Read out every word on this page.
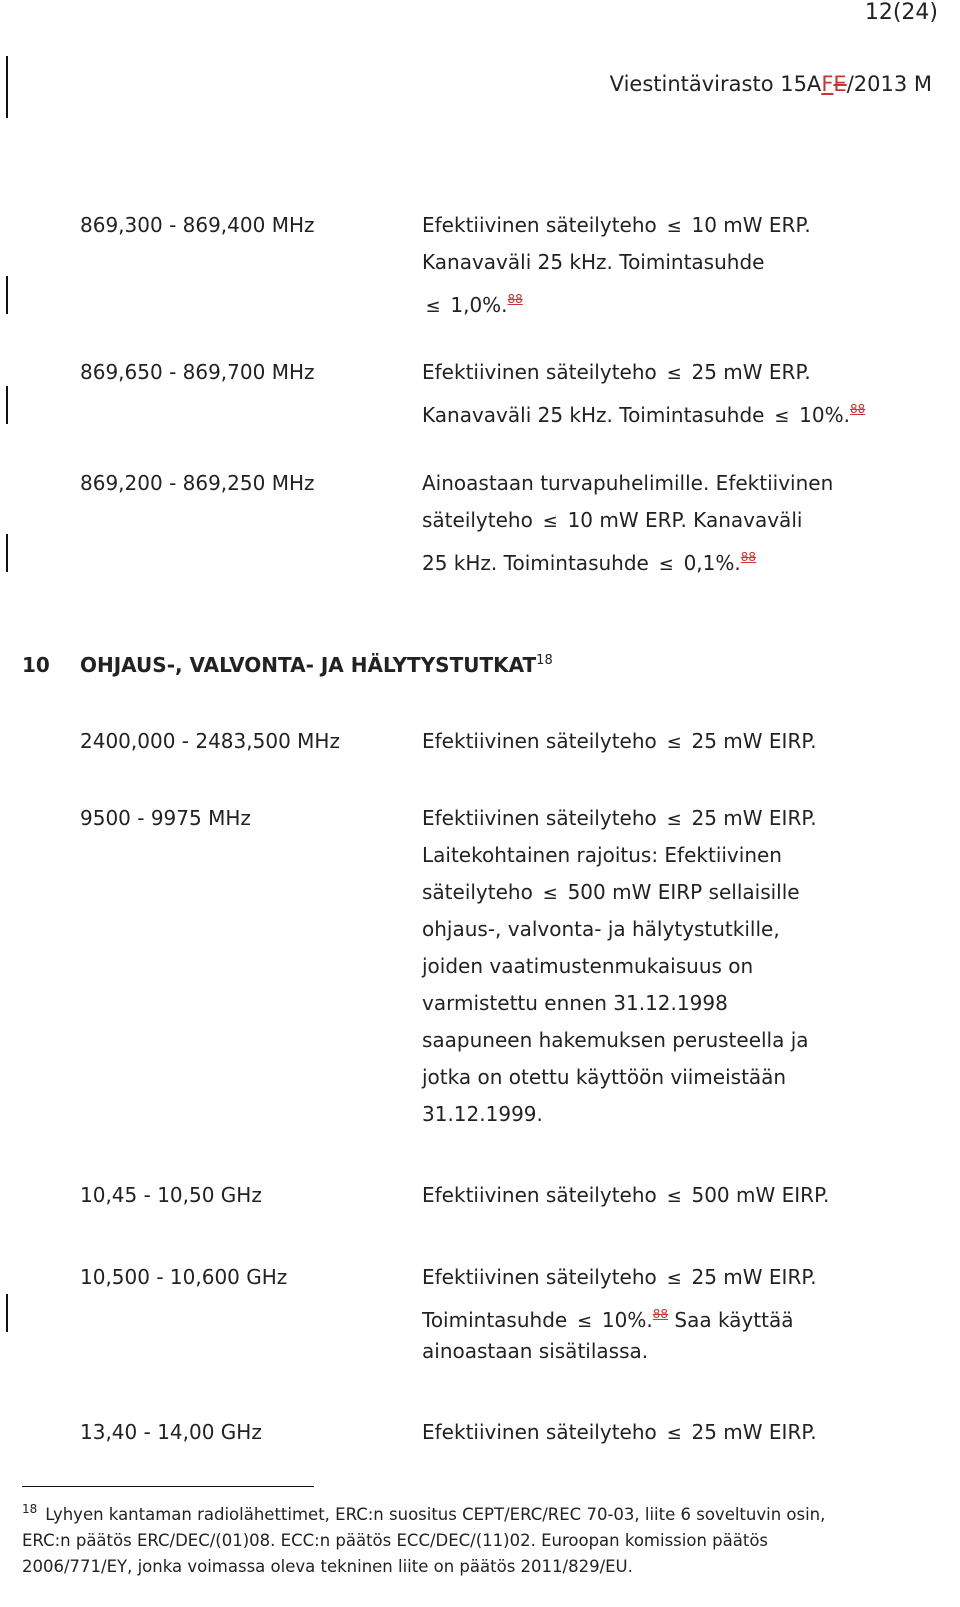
12(24)
Viestintävirasto 15AFE/2013 M
869,300 - 869,400 MHz	Efektiivinen säteilyteho ≤ 10 mW ERP.
Kanavaväli 25 kHz. Toimintasuhde
≤ 1,0%.$^{88}$
869,650 - 869,700 MHz	Efektiivinen säteilyteho ≤ 25 mW ERP.
Kanavaväli 25 kHz. Toimintasuhde ≤ 10%.$^{88}$
869,200 - 869,250 MHz	Ainoastaan turvapuhelimille. Efektiivinen
säteilyteho ≤ 10 mW ERP. Kanavaväli
25 kHz. Toimintasuhde ≤ 0,1%.$^{88}$
10 OHJAUS-, VALVONTA- JA HÄLYTYSTUTKAT$^{18}$
2400,000 - 2483,500 MHz	Efektiivinen säteilyteho ≤ 25 mW EIRP.
9500 - 9975 MHz	Efektiivinen säteilyteho ≤ 25 mW EIRP.
Laitekohtainen rajoitus: Efektiivinen
säteilyteho ≤ 500 mW EIRP sellaisille
ohjaus-, valvonta- ja hälytystutkille,
joiden vaatimustenmukaisuus on
varmistettu ennen 31.12.1998
saapuneen hakemuksen perusteella ja
jotka on otettu käyttöön viimeistään
31.12.1999.
10,45 - 10,50 GHz	Efektiivinen säteilyteho ≤ 500 mW EIRP.
10,500 - 10,600 GHz	Efektiivinen säteilyteho ≤ 25 mW EIRP.
Toimintasuhde ≤ 10%.$^{88}$ Saa käyttää
ainoastaan sisätilassa.
13,40 - 14,00 GHz	Efektiivinen säteilyteho ≤ 25 mW EIRP.
$^{18}$ Lyhyen kantaman radiolähettimet, ERC:n suositus CEPT/ERC/REC 70-03, liite 6 soveltuvin osin,
ERC:n päätös ERC/DEC/(01)08. ECC:n päätös ECC/DEC/(11)02. Euroopan komission päätös
2006/771/EY, jonka voimassa oleva tekninen liite on päätös 2011/829/EU.
